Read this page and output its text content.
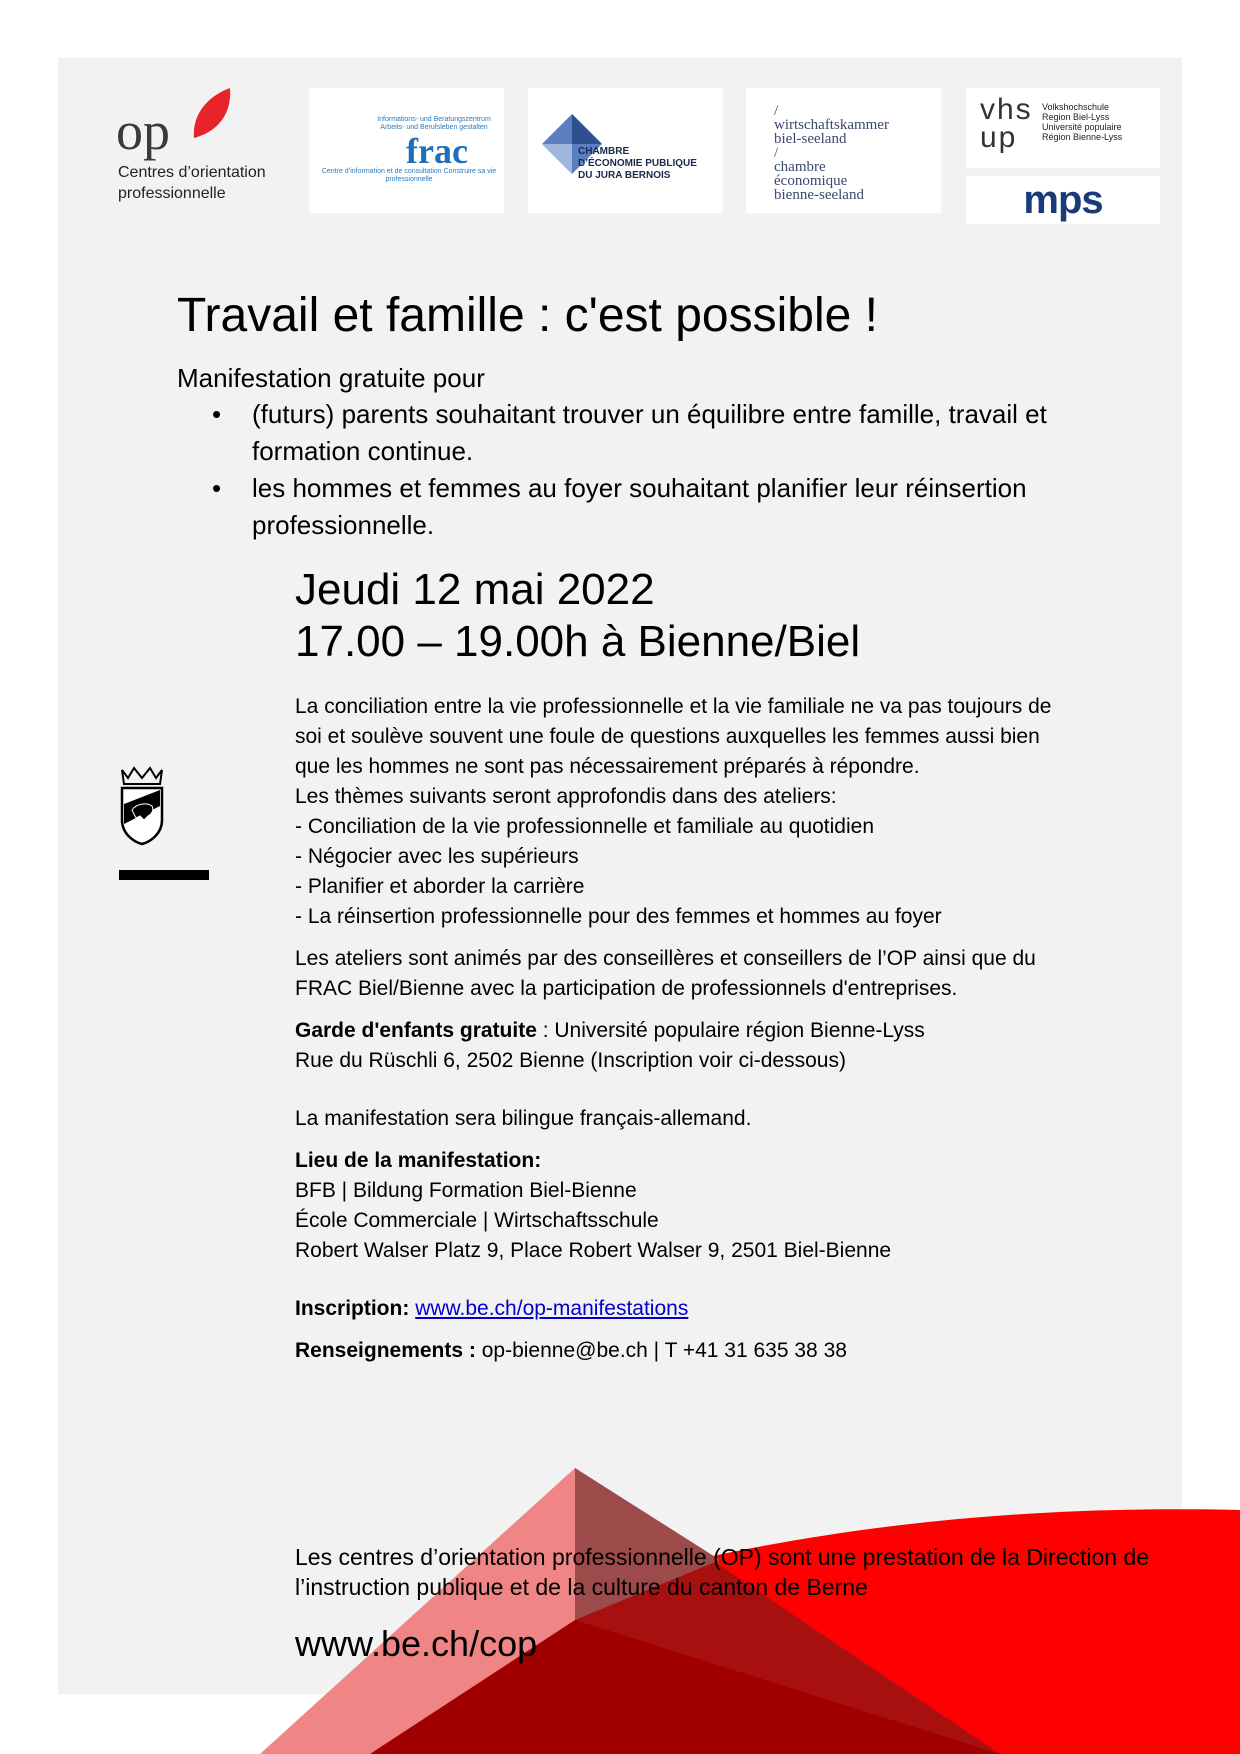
op
Centres d’orientation
professionnelle
Informations- und Beratungszentrum Arbeits- und Berufsleben gestalten
frac
Centre d’information et de consultation Construire sa vie professionnelle
CHAMBRE
D’ÉCONOMIE PUBLIQUE
DU JURA BERNOIS
/
wirtschaftskammer
biel-seeland
/
chambre
économique
bienne-seeland
vhs
up
Volkshochschule
Region Biel-Lyss
Université populaire
Région Bienne-Lyss
mps
Travail et famille : c'est possible !
Manifestation gratuite pour
• (futurs) parents souhaitant trouver un équilibre entre famille, travail et formation continue.
• les hommes et femmes au foyer souhaitant planifier leur réinsertion professionnelle.
Jeudi 12 mai 2022
17.00 – 19.00h à Bienne/Biel

La conciliation entre la vie professionnelle et la vie familiale ne va pas toujours de soi et soulève souvent une foule de questions auxquelles les femmes aussi bien que les hommes ne sont pas nécessairement préparés à répondre.

Les thèmes suivants seront approfondis dans des ateliers:

- Conciliation de la vie professionnelle et familiale au quotidien

- Négocier avec les supérieurs

- Planifier et aborder la carrière

- La réinsertion professionnelle pour des femmes et hommes au foyer

Les ateliers sont animés par des conseillères et conseillers de l’OP ainsi que du FRAC Biel/Bienne avec la participation de professionnels d'entreprises.

Garde d'enfants gratuite : Université populaire région Bienne-Lyss

Rue du Rüschli 6, 2502 Bienne (Inscription voir ci-dessous)

La manifestation sera bilingue français-allemand.

Lieu de la manifestation:

BFB | Bildung Formation Biel-Bienne

École Commerciale | Wirtschaftsschule

Robert Walser Platz 9, Place Robert Walser 9, 2501 Biel-Bienne

Inscription: www.be.ch/op-manifestations

Renseignements : op-bienne@be.ch | T +41 31 635 38 38

Les centres d’orientation professionnelle (OP) sont une prestation de la Direction de l’instruction publique et de la culture du canton de Berne
www.be.ch/cop
